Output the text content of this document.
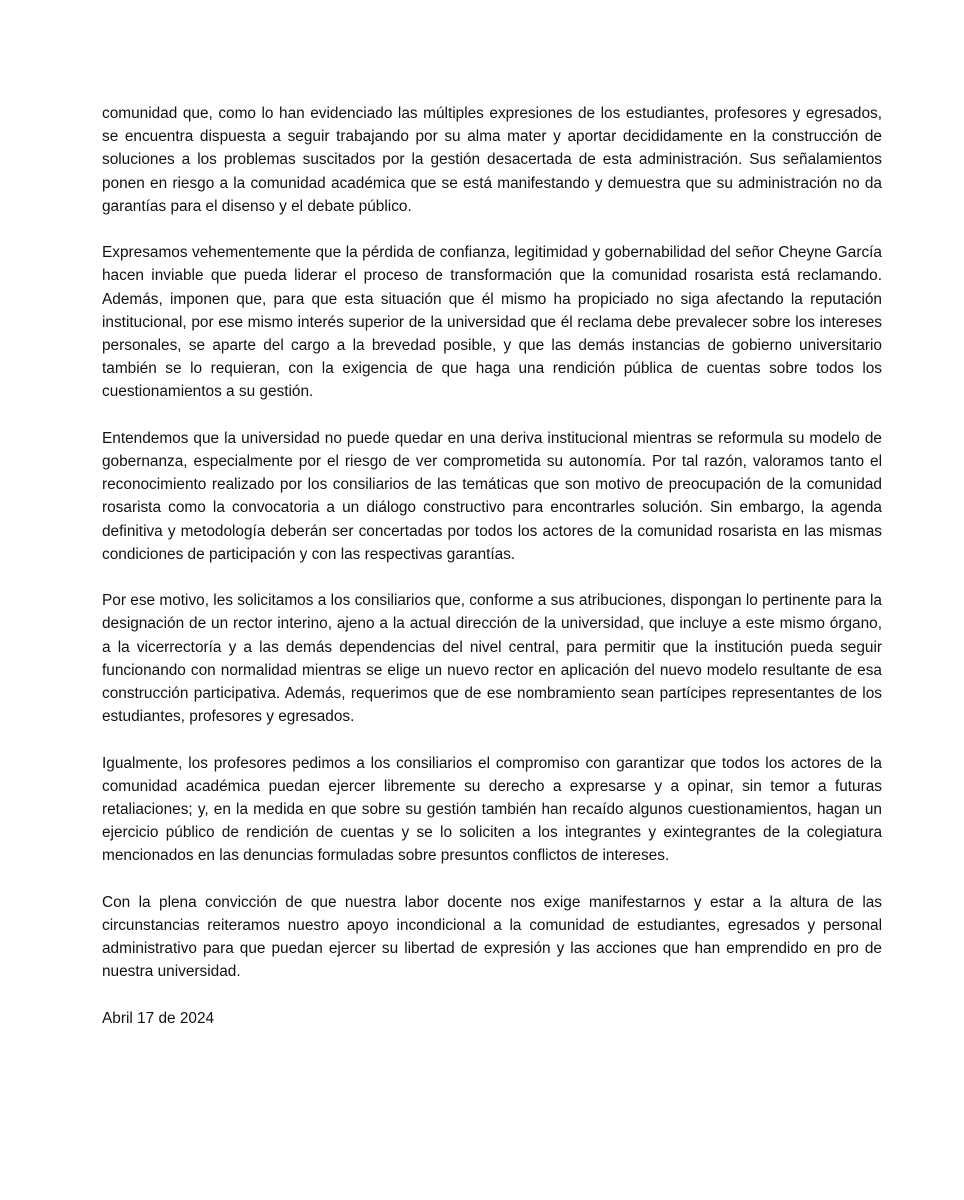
comunidad que, como lo han evidenciado las múltiples expresiones de los estudiantes, profesores y egresados, se encuentra dispuesta a seguir trabajando por su alma mater y aportar decididamente en la construcción de soluciones a los problemas suscitados por la gestión desacertada de esta administración. Sus señalamientos ponen en riesgo a la comunidad académica que se está manifestando y demuestra que su administración no da garantías para el disenso y el debate público.

Expresamos vehementemente que la pérdida de confianza, legitimidad y gobernabilidad del señor Cheyne García hacen inviable que pueda liderar el proceso de transformación que la comunidad rosarista está reclamando. Además, imponen que, para que esta situación que él mismo ha propiciado no siga afectando la reputación institucional, por ese mismo interés superior de la universidad que él reclama debe prevalecer sobre los intereses personales, se aparte del cargo a la brevedad posible, y que las demás instancias de gobierno universitario también se lo requieran, con la exigencia de que haga una rendición pública de cuentas sobre todos los cuestionamientos a su gestión.

Entendemos que la universidad no puede quedar en una deriva institucional mientras se reformula su modelo de gobernanza, especialmente por el riesgo de ver comprometida su autonomía. Por tal razón, valoramos tanto el reconocimiento realizado por los consiliarios de las temáticas que son motivo de preocupación de la comunidad rosarista como la convocatoria a un diálogo constructivo para encontrarles solución. Sin embargo, la agenda definitiva y metodología deberán ser concertadas por todos los actores de la comunidad rosarista en las mismas condiciones de participación y con las respectivas garantías.

Por ese motivo, les solicitamos a los consiliarios que, conforme a sus atribuciones, dispongan lo pertinente para la designación de un rector interino, ajeno a la actual dirección de la universidad, que incluye a este mismo órgano, a la vicerrectoría y a las demás dependencias del nivel central, para permitir que la institución pueda seguir funcionando con normalidad mientras se elige un nuevo rector en aplicación del nuevo modelo resultante de esa construcción participativa. Además, requerimos que de ese nombramiento sean partícipes representantes de los estudiantes, profesores y egresados.

Igualmente, los profesores pedimos a los consiliarios el compromiso con garantizar que todos los actores de la comunidad académica puedan ejercer libremente su derecho a expresarse y a opinar, sin temor a futuras retaliaciones; y, en la medida en que sobre su gestión también han recaído algunos cuestionamientos, hagan un ejercicio público de rendición de cuentas y se lo soliciten a los integrantes y exintegrantes de la colegiatura mencionados en las denuncias formuladas sobre presuntos conflictos de intereses.

Con la plena convicción de que nuestra labor docente nos exige manifestarnos y estar a la altura de las circunstancias reiteramos nuestro apoyo incondicional a la comunidad de estudiantes, egresados y personal administrativo para que puedan ejercer su libertad de expresión y las acciones que han emprendido en pro de nuestra universidad.

Abril 17 de 2024
